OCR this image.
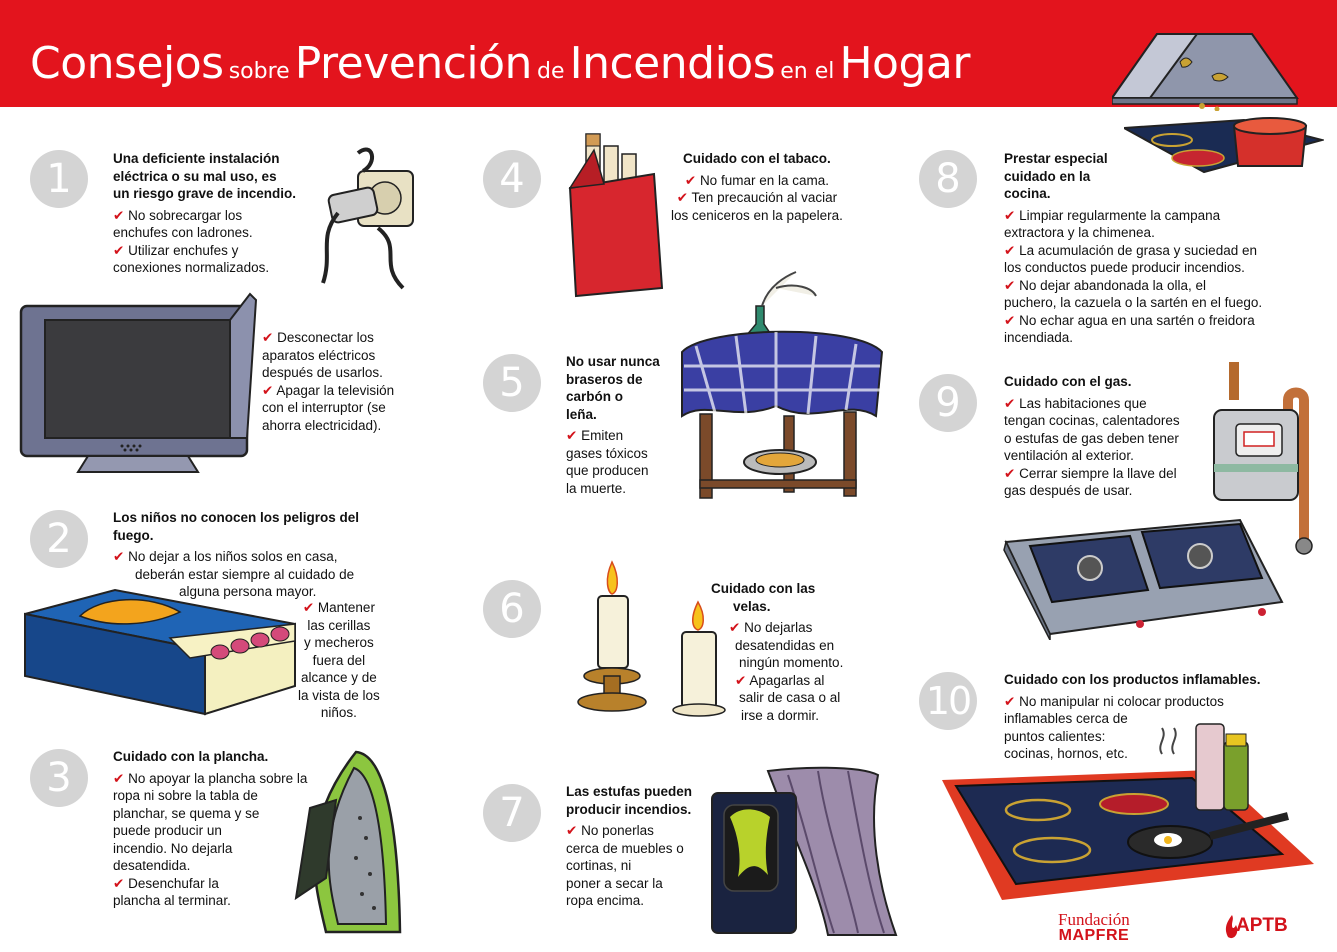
Consejos sobre Prevención de Incendios en el Hogar
1	Una deficiente instalación
eléctrica o su mal uso, es
un riesgo grave de incendio.
✔ No sobrecargar los
enchufes con ladrones.
✔ Utilizar enchufes y
conexiones normalizados.
✔ Desconectar los
aparatos eléctricos
después de usarlos.
✔ Apagar la televisión
con el interruptor (se
ahorra electricidad).
2	Los niños no conocen los peligros del
fuego.
✔ No dejar a los niños solos en casa,
deberán estar siempre al cuidado de
alguna persona mayor.
✔ Mantener
las cerillas
y mecheros
fuera del
alcance y de
la vista de los
niños.
3	Cuidado con la plancha.
✔ No apoyar la plancha sobre la
ropa ni sobre la tabla de
planchar, se quema y se
puede producir un
incendio. No dejarla
desatendida.
✔ Desenchufar la
plancha al terminar.
4	Cuidado con el tabaco.
✔ No fumar en la cama.
✔ Ten precaución al vaciar
los ceniceros en la papelera.
5	No usar nunca
braseros de
carbón o
leña.
✔ Emiten
gases tóxicos
que producen
la muerte.
6	Cuidado con las
velas.
✔ No dejarlas
desatendidas en
ningún momento.
✔ Apagarlas al
salir de casa o al
irse a dormir.
7	Las estufas pueden
producir incendios.
✔ No ponerlas
cerca de muebles o
cortinas, ni
poner a secar la
ropa encima.
8	Prestar especial
cuidado en la
cocina.
✔ Limpiar regularmente la campana
extractora y la chimenea.
✔ La acumulación de grasa y suciedad en
los conductos puede producir incendios.
✔ No dejar abandonada la olla, el
puchero, la cazuela o la sartén en el fuego.
✔ No echar agua en una sartén o freidora
incendiada.
9	Cuidado con el gas.
✔ Las habitaciones que
tengan cocinas, calentadores
o estufas de gas deben tener
ventilación al exterior.
✔ Cerrar siempre la llave del
gas después de usar.
10	Cuidado con los productos inflamables.
✔ No manipular ni colocar productos
inflamables cerca de
puntos calientes:
cocinas, hornos, etc.
Fundación
MAPFRE	APTB
